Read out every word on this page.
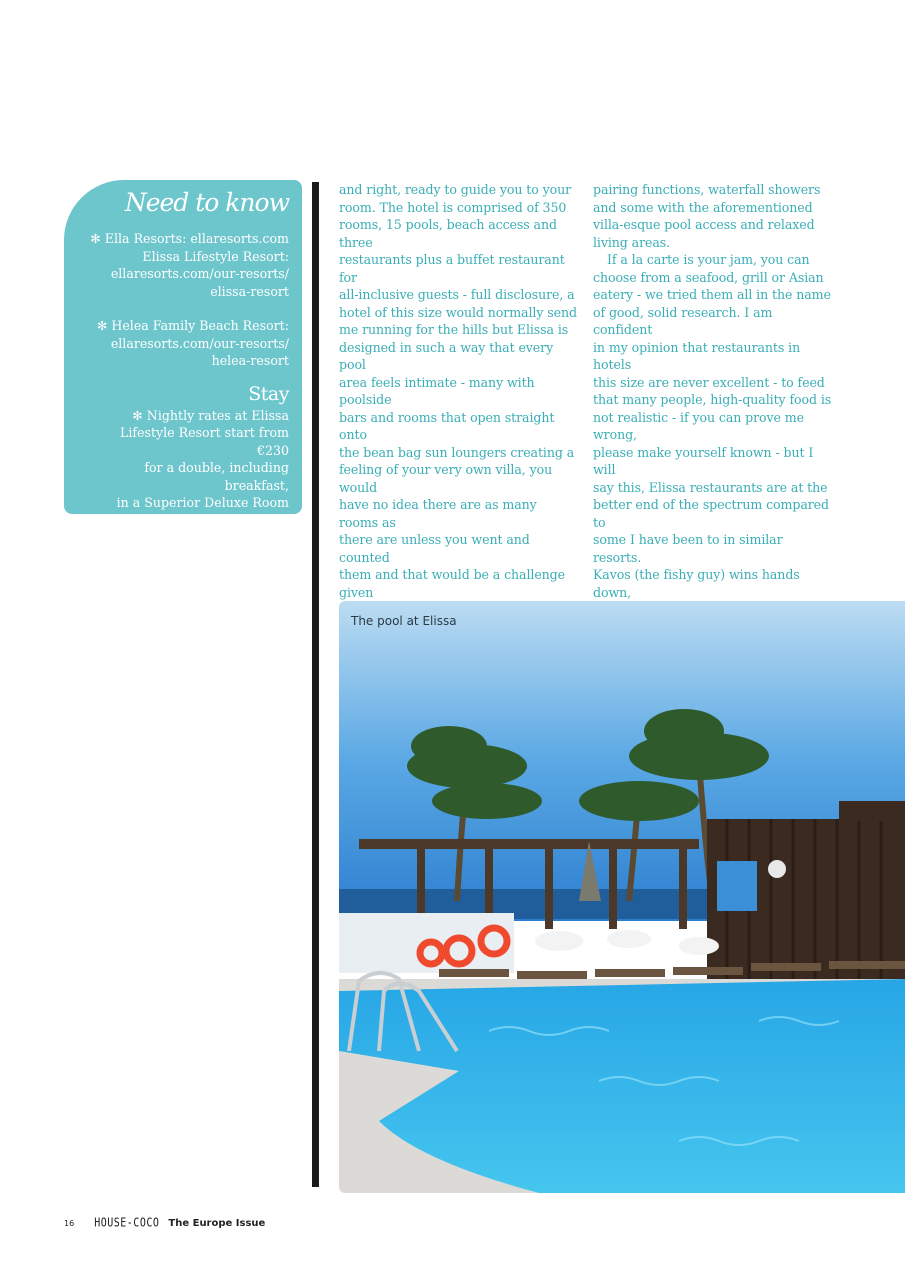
Need to know

✻ Ella Resorts: ellaresorts.com

Elissa Lifestyle Resort:

ellaresorts.com/our-resorts/

elissa-resort

✻ Helea Family Beach Resort:

ellaresorts.com/our-resorts/

helea-resort

Stay

✻ Nightly rates at Elissa

Lifestyle Resort start from €230

for a double, including breakfast,

in a Superior Deluxe Room

ellaresorts.com

and right, ready to guide you to your

room. The hotel is comprised of 350

rooms, 15 pools, beach access and three

restaurants plus a buffet restaurant for

all-inclusive guests - full disclosure, a

hotel of this size would normally send

me running for the hills but Elissa is

designed in such a way that every pool

area feels intimate - many with poolside

bars and rooms that open straight onto

the bean bag sun loungers creating a

feeling of your very own villa, you would

have no idea there are as many rooms as

there are unless you went and counted

them and that would be a challenge given

pairing functions, waterfall showers

and some with the aforementioned

villa-esque pool access and relaxed

living areas.

If a la carte is your jam, you can

choose from a seafood, grill or Asian

eatery - we tried them all in the name

of good, solid research. I am confident

in my opinion that restaurants in hotels

this size are never excellent - to feed

that many people, high-quality food is

not realistic - if you can prove me wrong,

please make yourself known - but I will

say this, Elissa restaurants are at the

better end of the spectrum compared to

some I have been to in similar resorts.

Kavos (the fishy guy) wins hands down,

The pool at Elissa
16 HOUSE-COCO The Europe Issue
